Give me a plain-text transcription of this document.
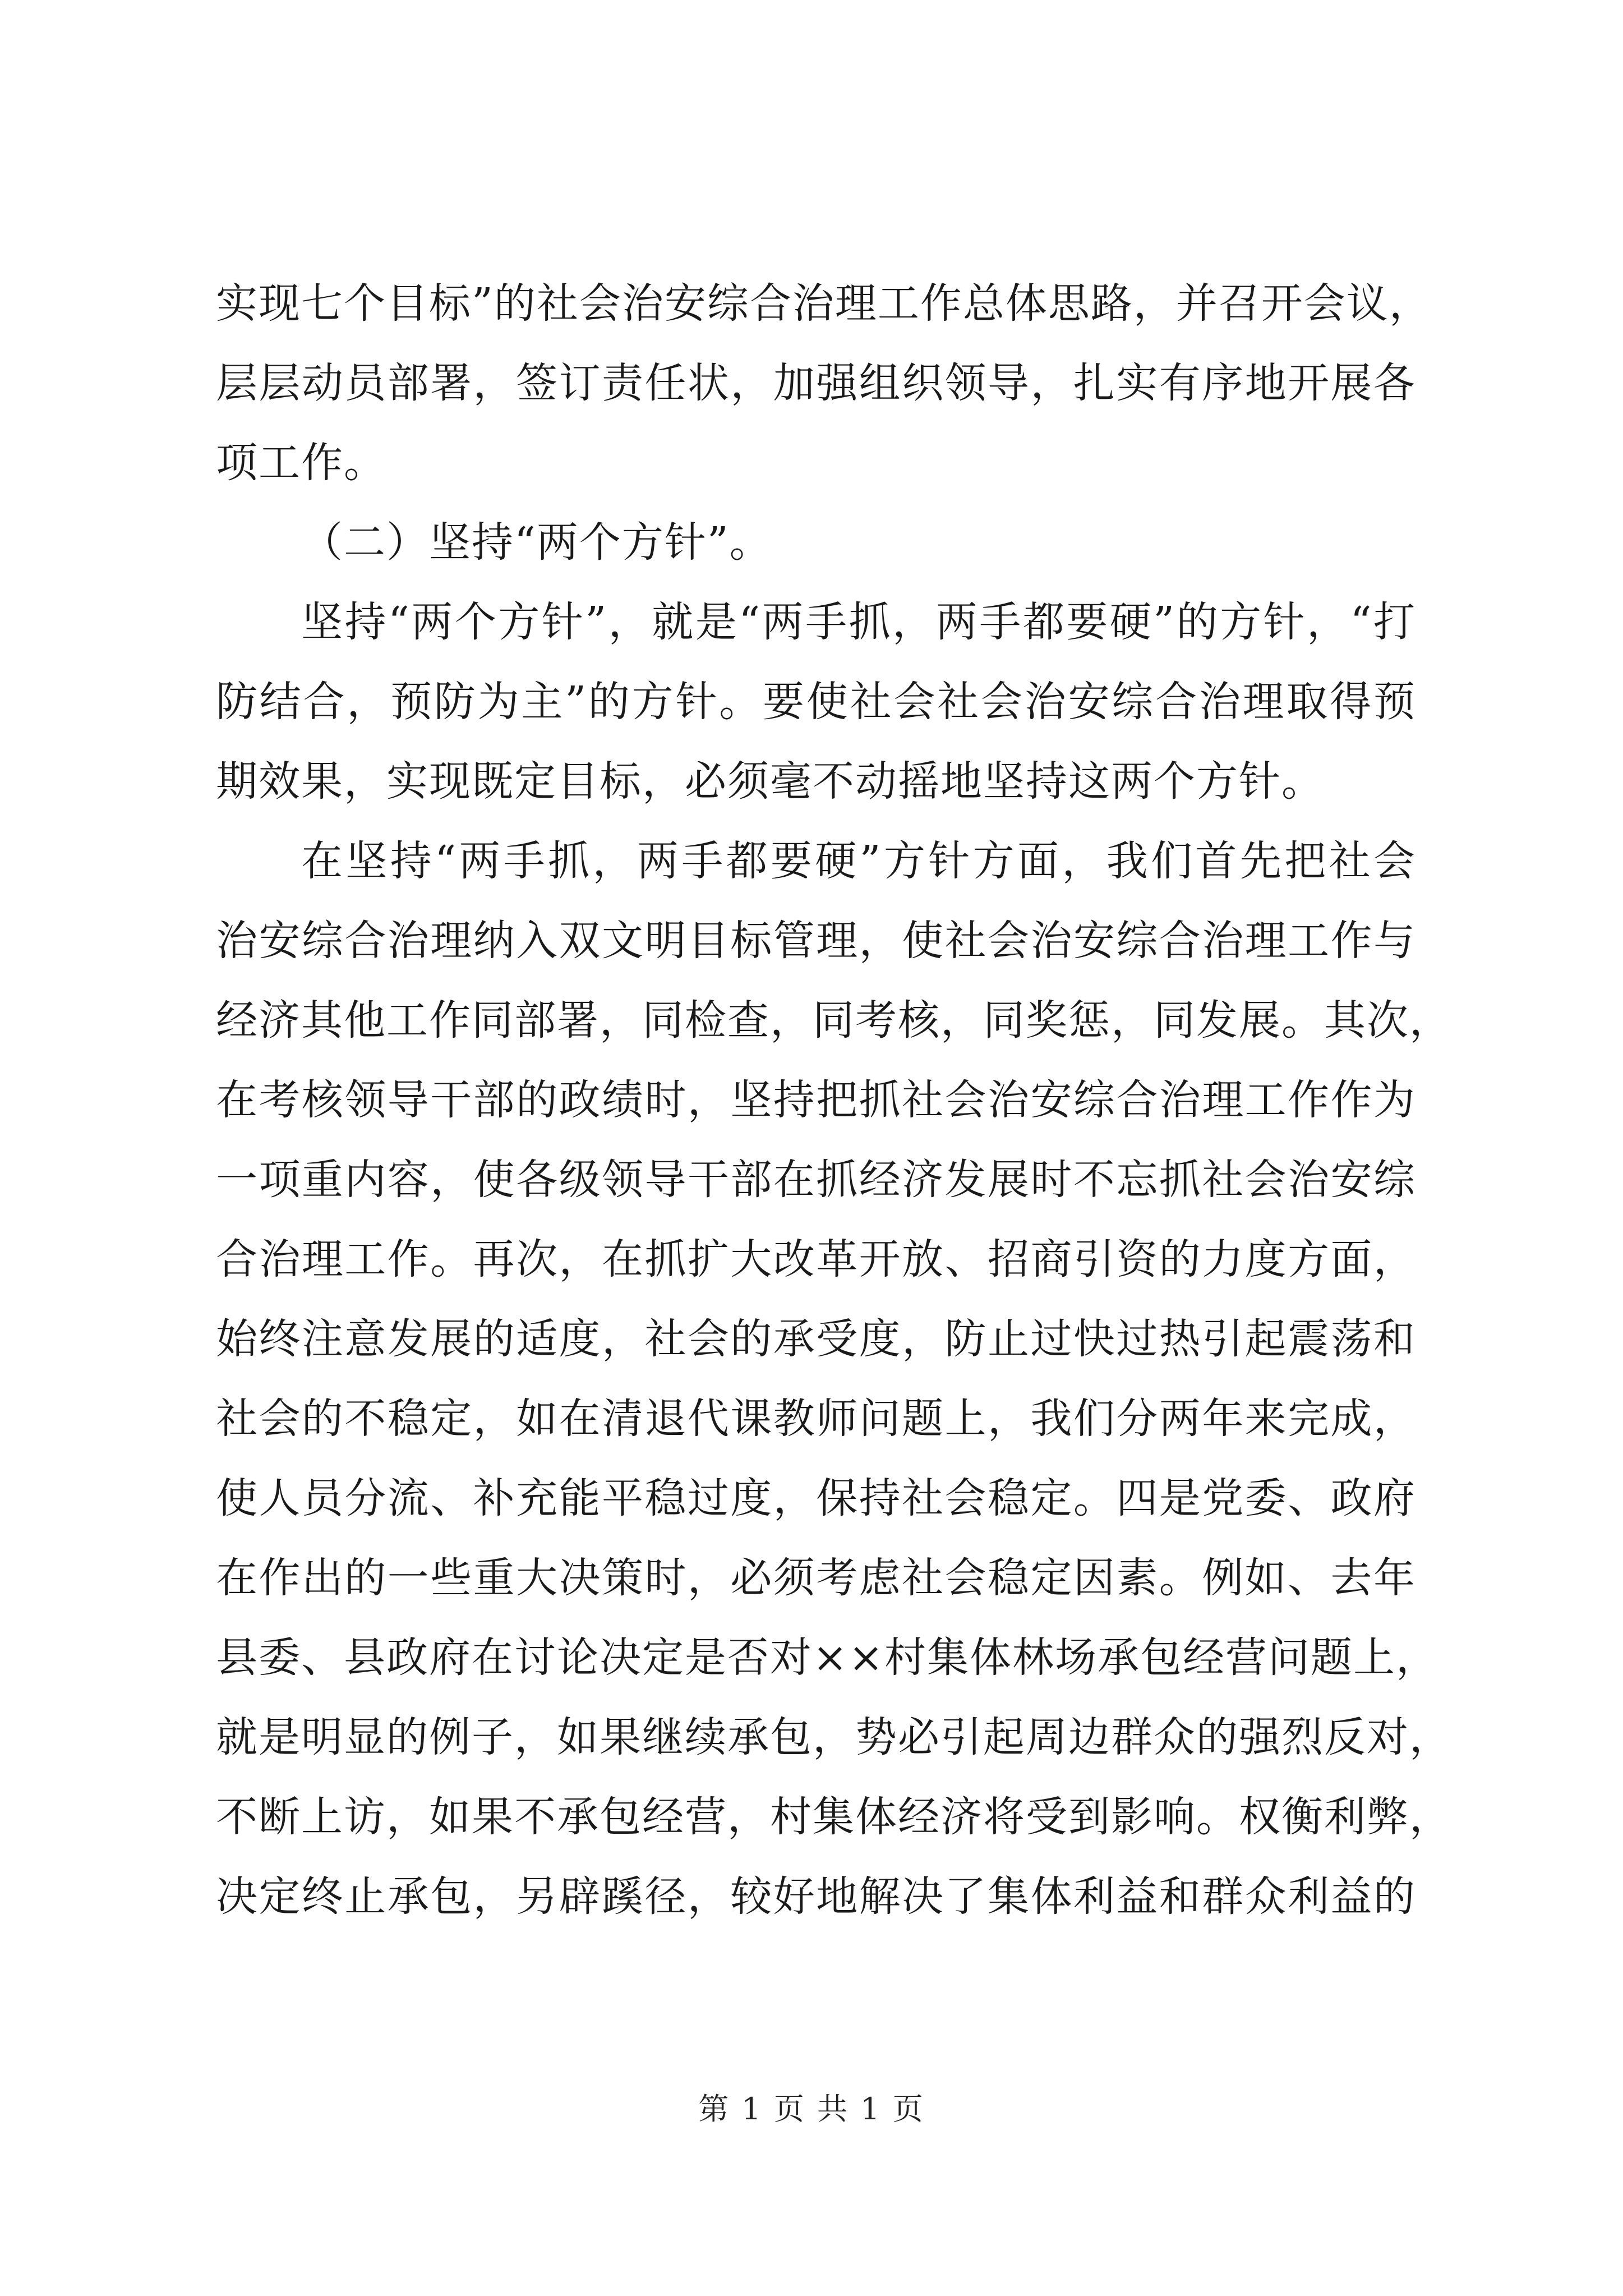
实现七个目标”的社会治安综合治理工作总体思路，并召开会议，
层层动员部署，签订责任状，加强组织领导，扎实有序地开展各
项工作。
（二）坚持“两个方针”。
坚持“两个方针”，就是“两手抓，两手都要硬”的方针，“打
防结合，预防为主”的方针。要使社会社会治安综合治理取得预
期效果，实现既定目标，必须毫不动摇地坚持这两个方针。
在坚持“两手抓，两手都要硬”方针方面，我们首先把社会
治安综合治理纳入双文明目标管理，使社会治安综合治理工作与
经济其他工作同部署，同检查，同考核，同奖惩，同发展。其次，
在考核领导干部的政绩时，坚持把抓社会治安综合治理工作作为
一项重内容，使各级领导干部在抓经济发展时不忘抓社会治安综
合治理工作。再次，在抓扩大改革开放、招商引资的力度方面，
始终注意发展的适度，社会的承受度，防止过快过热引起震荡和
社会的不稳定，如在清退代课教师问题上，我们分两年来完成，
使人员分流、补充能平稳过度，保持社会稳定。四是党委、政府
在作出的一些重大决策时，必须考虑社会稳定因素。例如、去年
县委、县政府在讨论决定是否对××村集体林场承包经营问题上，
就是明显的例子，如果继续承包，势必引起周边群众的强烈反对，
不断上访，如果不承包经营，村集体经济将受到影响。权衡利弊，
决定终止承包，另辟蹊径，较好地解决了集体利益和群众利益的
第 1 页 共 1 页
